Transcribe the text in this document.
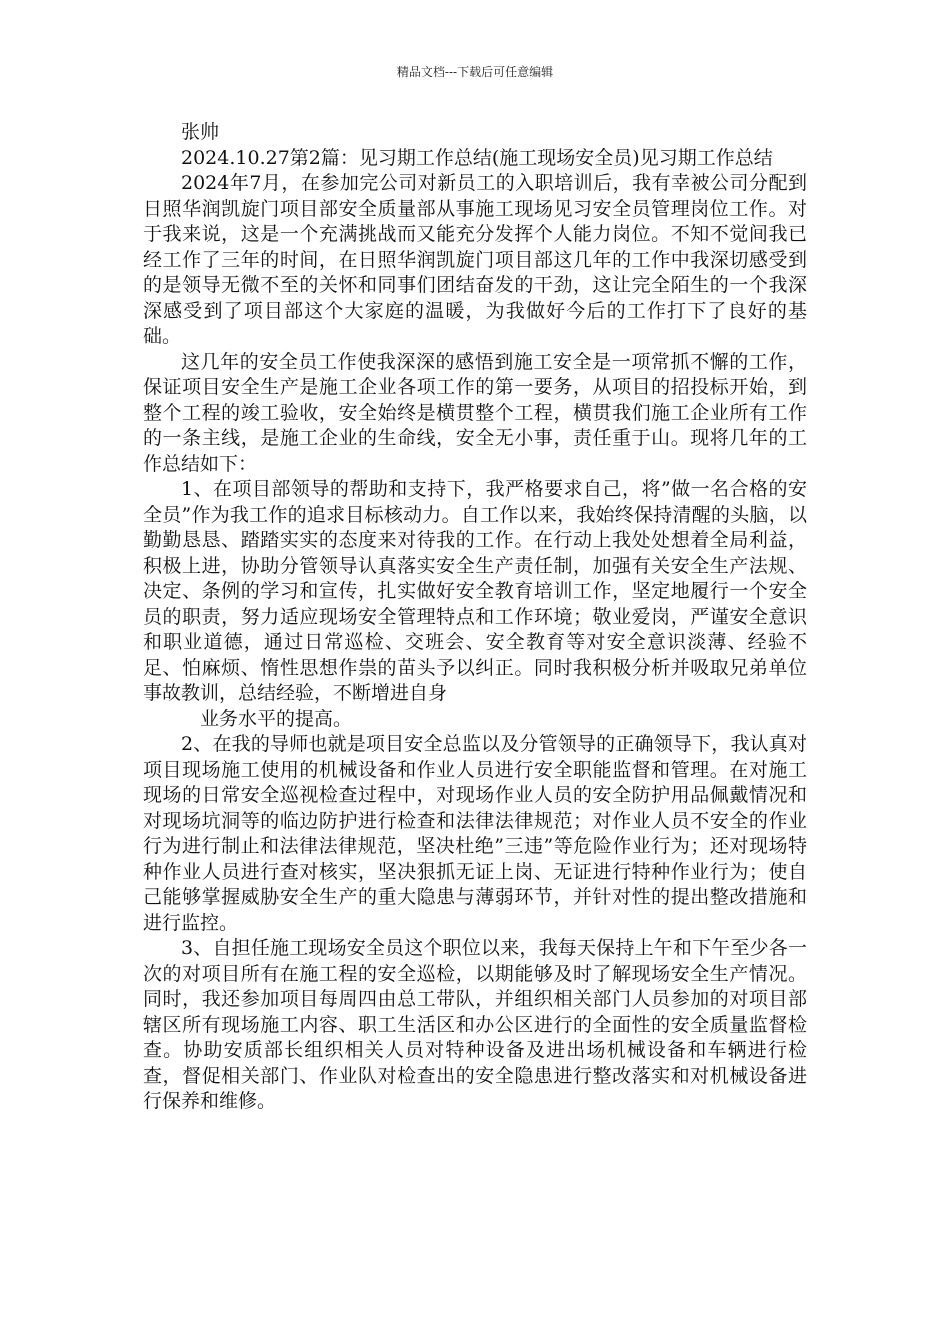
精品文档---下载后可任意编辑

张帅

2024.10.27第2篇：见习期工作总结(施工现场安全员)见习期工作总结

2024年7月，在参加完公司对新员工的入职培训后，我有幸被公司分配到日照华润凯旋门项目部安全质量部从事施工现场见习安全员管理岗位工作。对于我来说，这是一个充满挑战而又能充分发挥个人能力岗位。不知不觉间我已经工作了三年的时间，在日照华润凯旋门项目部这几年的工作中我深切感受到的是领导无微不至的关怀和同事们团结奋发的干劲，这让完全陌生的一个我深深感受到了项目部这个大家庭的温暖，为我做好今后的工作打下了良好的基础。

这几年的安全员工作使我深深的感悟到施工安全是一项常抓不懈的工作，保证项目安全生产是施工企业各项工作的第一要务，从项目的招投标开始，到整个工程的竣工验收，安全始终是横贯整个工程，横贯我们施工企业所有工作的一条主线，是施工企业的生命线，安全无小事，责任重于山。现将几年的工作总结如下：

1、在项目部领导的帮助和支持下，我严格要求自己，将”做一名合格的安全员”作为我工作的追求目标核动力。自工作以来，我始终保持清醒的头脑，以勤勤恳恳、踏踏实实的态度来对待我的工作。在行动上我处处想着全局利益，积极上进，协助分管领导认真落实安全生产责任制，加强有关安全生产法规、决定、条例的学习和宣传，扎实做好安全教育培训工作，坚定地履行一个安全员的职责，努力适应现场安全管理特点和工作环境；敬业爱岗，严谨安全意识和职业道德，通过日常巡检、交班会、安全教育等对安全意识淡薄、经验不足、怕麻烦、惰性思想作祟的苗头予以纠正。同时我积极分析并吸取兄弟单位事故教训，总结经验，不断增进自身

业务水平的提高。

2、在我的导师也就是项目安全总监以及分管领导的正确领导下，我认真对项目现场施工使用的机械设备和作业人员进行安全职能监督和管理。在对施工现场的日常安全巡视检查过程中，对现场作业人员的安全防护用品佩戴情况和对现场坑洞等的临边防护进行检查和法律法律规范；对作业人员不安全的作业行为进行制止和法律法律规范，坚决杜绝”三违”等危险作业行为；还对现场特种作业人员进行查对核实，坚决狠抓无证上岗、无证进行特种作业行为；使自己能够掌握威胁安全生产的重大隐患与薄弱环节，并针对性的提出整改措施和进行监控。

3、自担任施工现场安全员这个职位以来，我每天保持上午和下午至少各一次的对项目所有在施工程的安全巡检，以期能够及时了解现场安全生产情况。同时，我还参加项目每周四由总工带队，并组织相关部门人员参加的对项目部辖区所有现场施工内容、职工生活区和办公区进行的全面性的安全质量监督检查。协助安质部长组织相关人员对特种设备及进出场机械设备和车辆进行检查，督促相关部门、作业队对检查出的安全隐患进行整改落实和对机械设备进行保养和维修。
